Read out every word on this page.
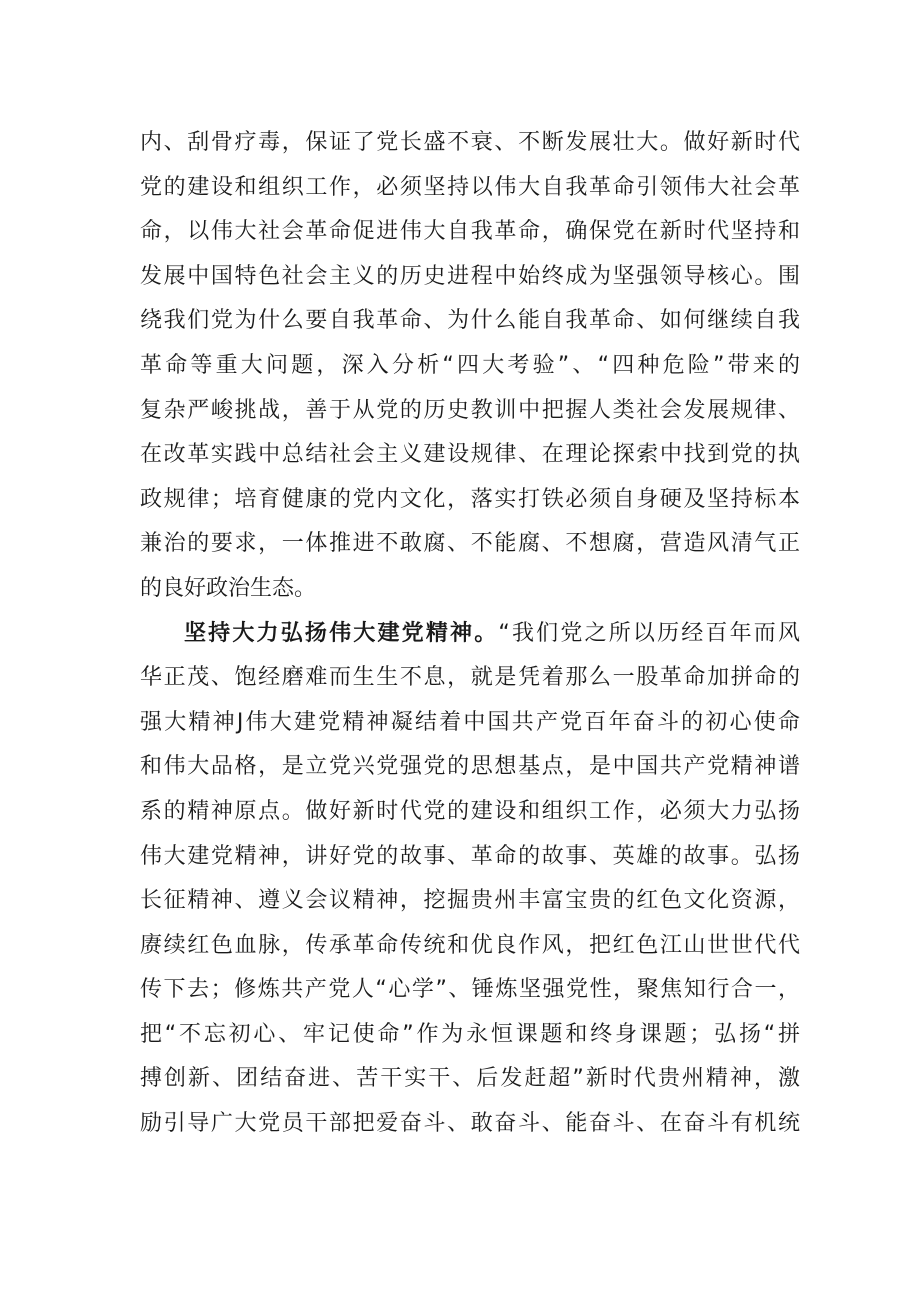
内、刮骨疗毒，保证了党长盛不衰、不断发展壮大。做好新时代
党的建设和组织工作，必须坚持以伟大自我革命引领伟大社会革
命，以伟大社会革命促进伟大自我革命，确保党在新时代坚持和
发展中国特色社会主义的历史进程中始终成为坚强领导核心。围
绕我们党为什么要自我革命、为什么能自我革命、如何继续自我
革命等重大问题，深入分析“四大考验”、“四种危险”带来的
复杂严峻挑战，善于从党的历史教训中把握人类社会发展规律、
在改革实践中总结社会主义建设规律、在理论探索中找到党的执
政规律；培育健康的党内文化，落实打铁必须自身硬及坚持标本
兼治的要求，一体推进不敢腐、不能腐、不想腐，营造风清气正
的良好政治生态。
坚持大力弘扬伟大建党精神。“我们党之所以历经百年而风
华正茂、饱经磨难而生生不息，就是凭着那么一股革命加拼命的
强大精神J伟大建党精神凝结着中国共产党百年奋斗的初心使命
和伟大品格，是立党兴党强党的思想基点，是中国共产党精神谱
系的精神原点。做好新时代党的建设和组织工作，必须大力弘扬
伟大建党精神，讲好党的故事、革命的故事、英雄的故事。弘扬
长征精神、遵义会议精神，挖掘贵州丰富宝贵的红色文化资源，
赓续红色血脉，传承革命传统和优良作风，把红色江山世世代代
传下去；修炼共产党人“心学”、锤炼坚强党性，聚焦知行合一，
把“不忘初心、牢记使命”作为永恒课题和终身课题；弘扬“拼
搏创新、团结奋进、苦干实干、后发赶超”新时代贵州精神，激
励引导广大党员干部把爱奋斗、敢奋斗、能奋斗、在奋斗有机统
